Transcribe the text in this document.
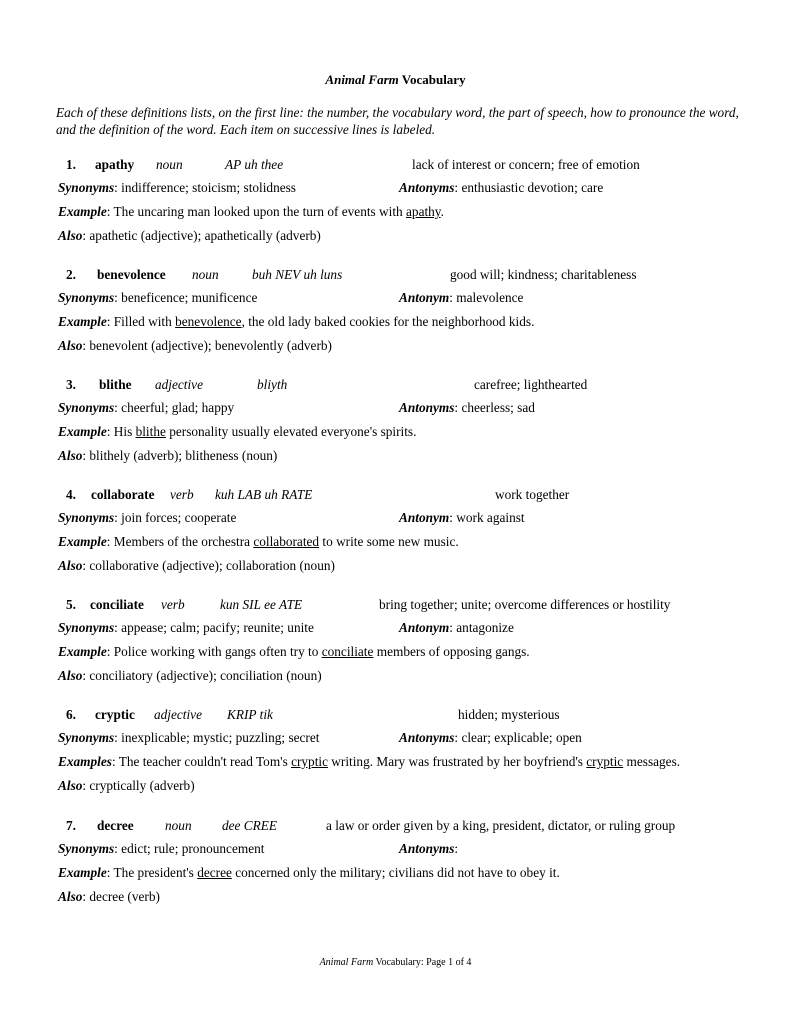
Animal Farm Vocabulary
Each of these definitions lists, on the first line: the number, the vocabulary word, the part of speech, how to pronounce the word, and the definition of the word. Each item on successive lines is labeled.
1. apathy noun	AP uh thee	lack of interest or concern; free of emotion
Synonyms: indifference; stoicism; stolidness	Antonyms: enthusiastic devotion; care
Example: The uncaring man looked upon the turn of events with apathy.
Also: apathetic (adjective); apathetically (adverb)
2. benevolence noun	buh NEV uh luns	good will; kindness; charitableness
Synonyms: beneficence; munificence	Antonym: malevolence
Example: Filled with benevolence, the old lady baked cookies for the neighborhood kids.
Also: benevolent (adjective); benevolently (adverb)
3. blithe adjective	bliyth	carefree; lighthearted
Synonyms: cheerful; glad; happy	Antonyms: cheerless; sad
Example: His blithe personality usually elevated everyone's spirits.
Also: blithely (adverb); blitheness (noun)
4. collaborate verb kuh LAB uh RATE	work together
Synonyms: join forces; cooperate	Antonym: work against
Example: Members of the orchestra collaborated to write some new music.
Also: collaborative (adjective); collaboration (noun)
5. conciliate verb	kun SIL ee ATE	bring together; unite; overcome differences or hostility
Synonyms: appease; calm; pacify; reunite; unite	Antonym: antagonize
Example: Police working with gangs often try to conciliate members of opposing gangs.
Also: conciliatory (adjective); conciliation (noun)
6. cryptic adjective KRIP tik	hidden; mysterious
Synonyms: inexplicable; mystic; puzzling; secret	Antonyms: clear; explicable; open
Examples: The teacher couldn't read Tom's cryptic writing. Mary was frustrated by her boyfriend's cryptic messages.
Also: cryptically (adverb)
7. decree noun dee CREE	a law or order given by a king, president, dictator, or ruling group
Synonyms: edict; rule; pronouncement	Antonyms:
Example: The president's decree concerned only the military; civilians did not have to obey it.
Also: decree (verb)
Animal Farm Vocabulary: Page 1 of 4
